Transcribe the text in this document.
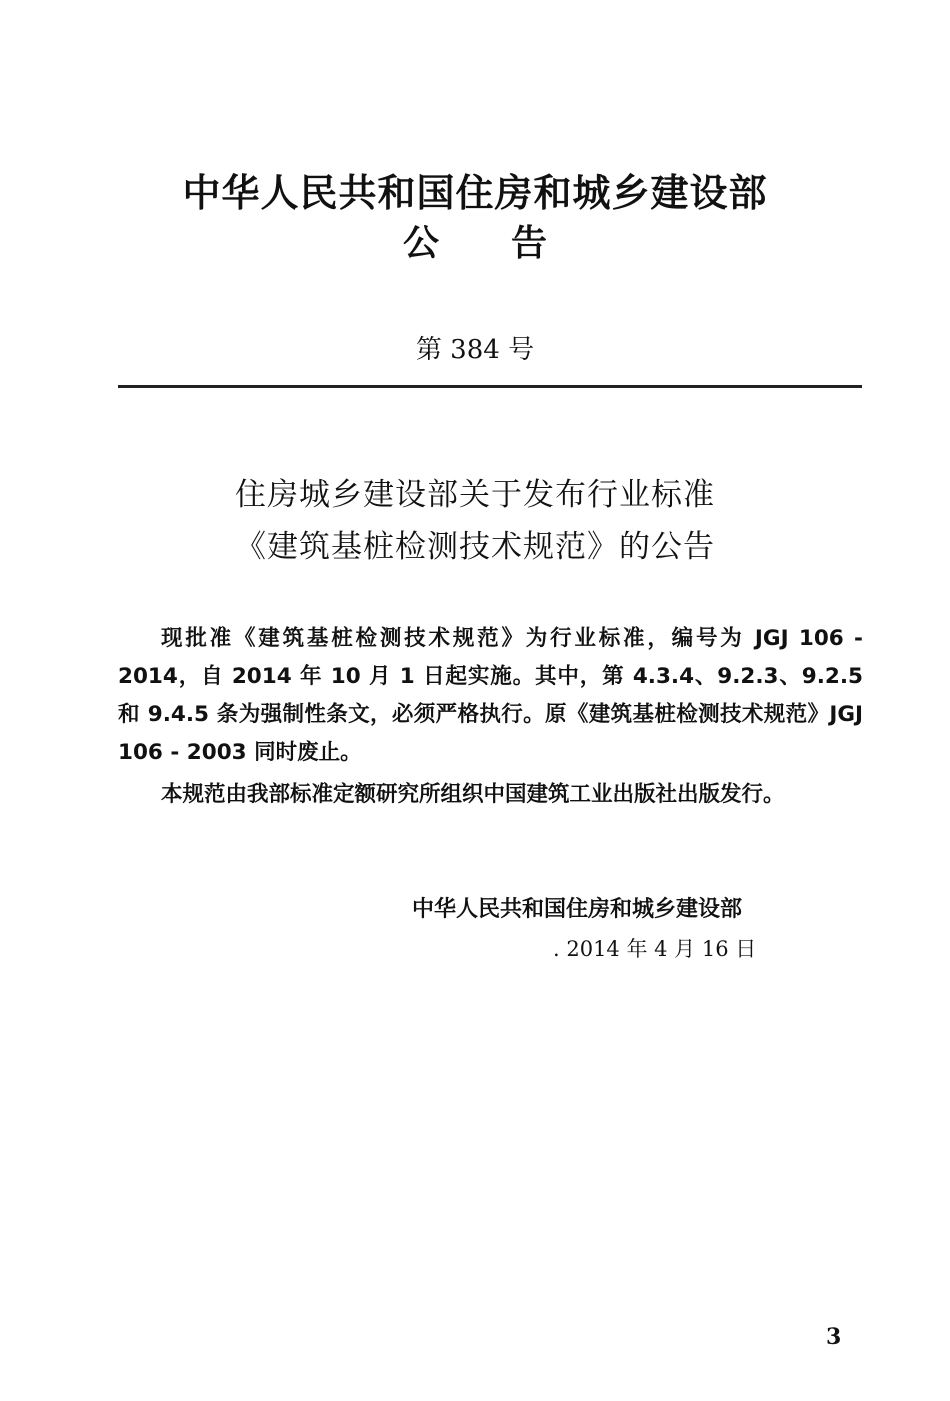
中华人民共和国住房和城乡建设部
公告
第 384 号
住房城乡建设部关于发布行业标准
《建筑基桩检测技术规范》的公告

现批准《建筑基桩检测技术规范》为行业标准，编号为 JGJ 106 - 2014，自 2014 年 10 月 1 日起实施。其中，第 4.3.4、9.2.3、9.2.5 和 9.4.5 条为强制性条文，必须严格执行。原《建筑基桩检测技术规范》JGJ 106 - 2003 同时废止。

本规范由我部标准定额研究所组织中国建筑工业出版社出版发行。

中华人民共和国住房和城乡建设部
. 2014 年 4 月 16 日
3
